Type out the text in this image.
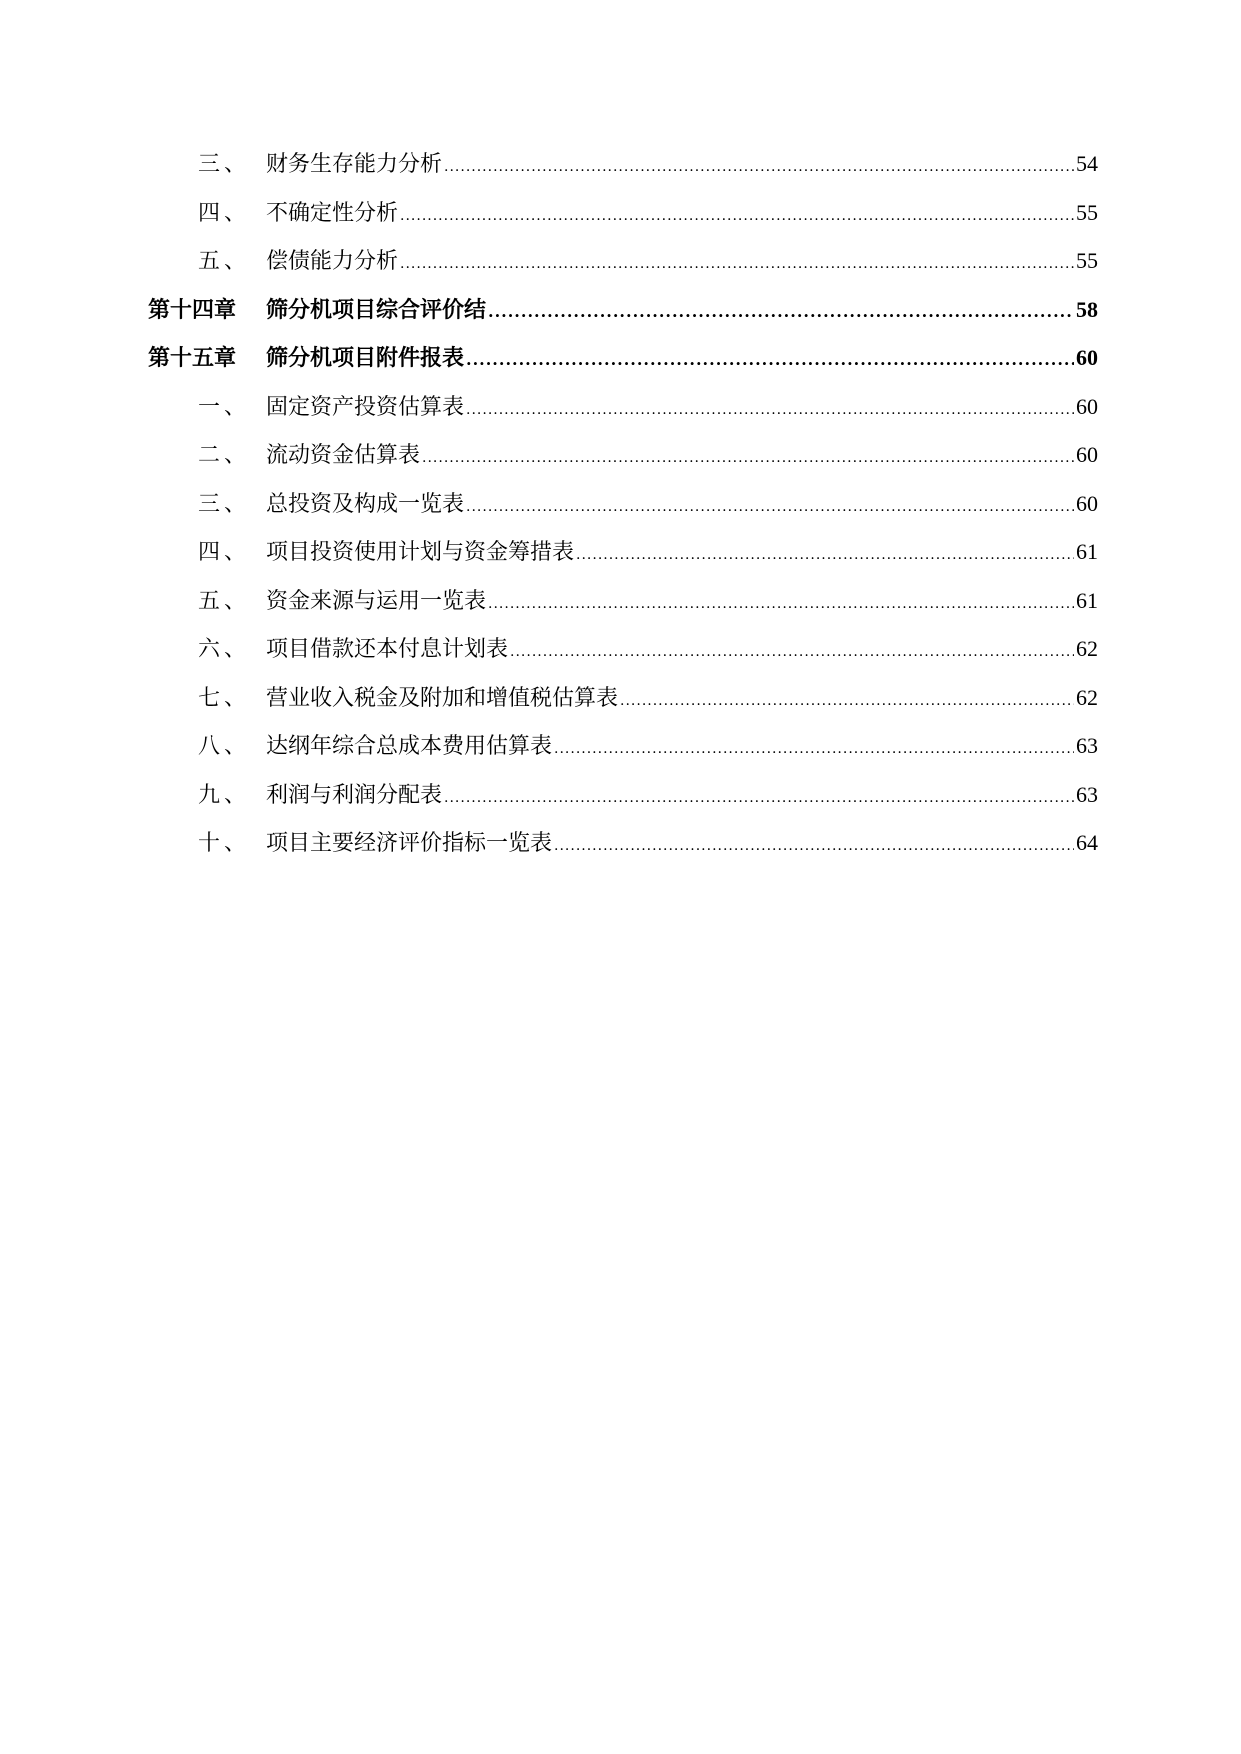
三、 财务生存能力分析 .....	54
四、 不确定性分析 .....	55
五、 偿债能力分析 .....	55
第十四章	筛分机项目综合评价结 .....	58
第十五章	筛分机项目附件报表 .....	60
一、 固定资产投资估算表 .....	60
二、 流动资金估算表 .....	60
三、 总投资及构成一览表 .....	60
四、 项目投资使用计划与资金筹措表 .....	61
五、 资金来源与运用一览表 .....	61
六、 项目借款还本付息计划表 .....	62
七、 营业收入税金及附加和增值税估算表 .....	62
八、 达纲年综合总成本费用估算表 .....	63
九、 利润与利润分配表 .....	63
十、 项目主要经济评价指标一览表 .....	64
